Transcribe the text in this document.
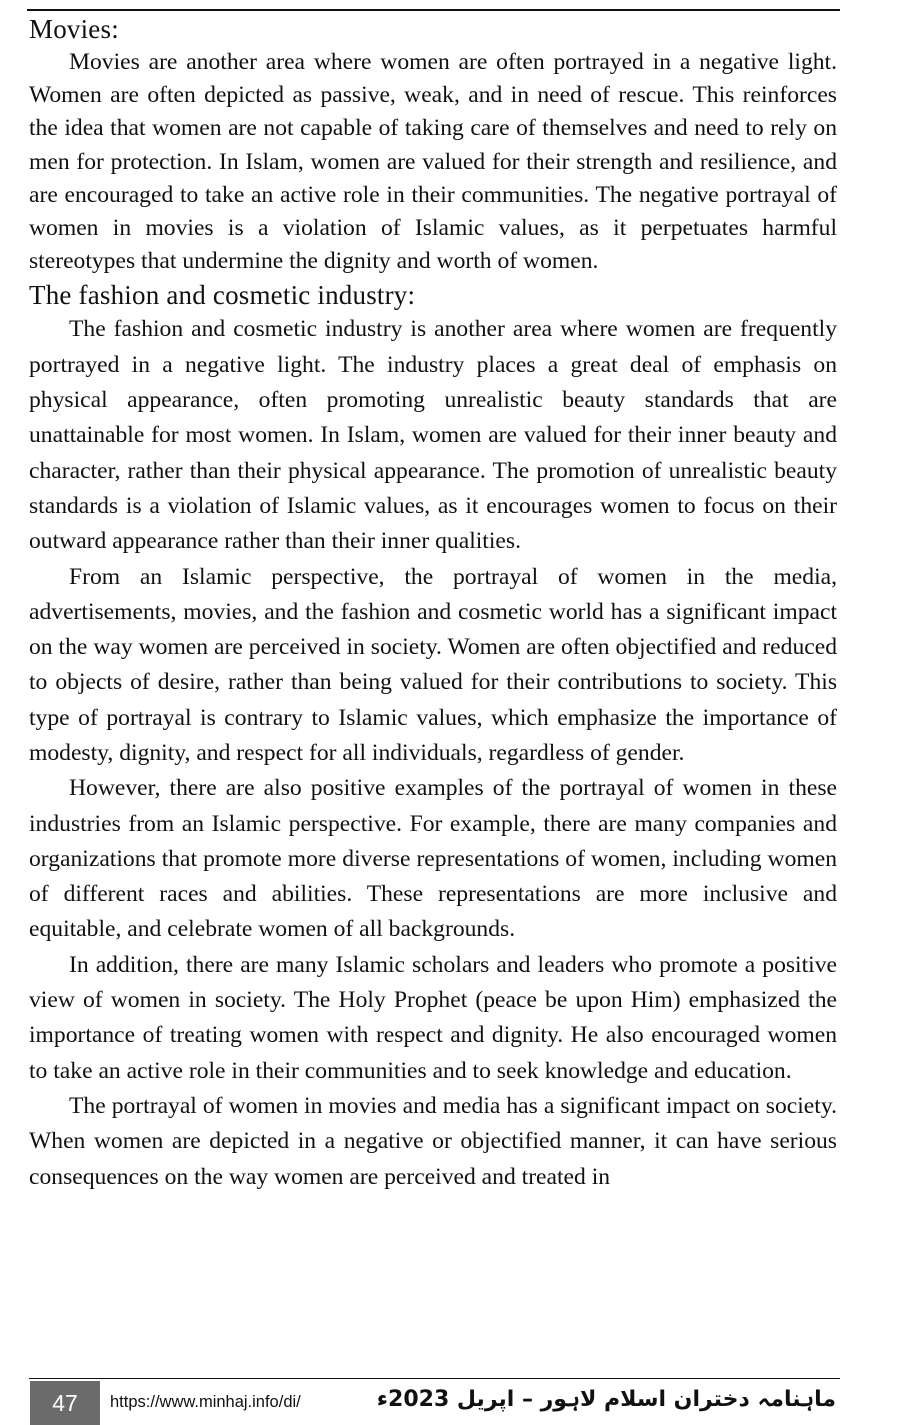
Movies:

Movies are another area where women are often portrayed in a negative light. Women are often depicted as passive, weak, and in need of rescue. This reinforces the idea that women are not capable of taking care of themselves and need to rely on men for protection. In Islam, women are valued for their strength and resilience, and are encouraged to take an active role in their communities. The negative portrayal of women in movies is a violation of Islamic values, as it perpetuates harmful stereotypes that undermine the dignity and worth of women.

The fashion and cosmetic industry:

The fashion and cosmetic industry is another area where women are frequently portrayed in a negative light. The industry places a great deal of emphasis on physical appearance, often promoting unrealistic beauty standards that are unattainable for most women. In Islam, women are valued for their inner beauty and character, rather than their physical appearance. The promotion of unrealistic beauty standards is a violation of Islamic values, as it encourages women to focus on their outward appearance rather than their inner qualities.

From an Islamic perspective, the portrayal of women in the media, advertisements, movies, and the fashion and cosmetic world has a significant impact on the way women are perceived in society. Women are often objectified and reduced to objects of desire, rather than being valued for their contributions to society. This type of portrayal is contrary to Islamic values, which emphasize the importance of modesty, dignity, and respect for all individuals, regardless of gender.

However, there are also positive examples of the portrayal of women in these industries from an Islamic perspective. For example, there are many companies and organizations that promote more diverse representations of women, including women of different races and abilities. These representations are more inclusive and equitable, and celebrate women of all backgrounds.

In addition, there are many Islamic scholars and leaders who promote a positive view of women in society. The Holy Prophet (peace be upon Him) emphasized the importance of treating women with respect and dignity. He also encouraged women to take an active role in their communities and to seek knowledge and education.

The portrayal of women in movies and media has a significant impact on society. When women are depicted in a negative or objectified manner, it can have serious consequences on the way women are perceived and treated in

47	https://www.minhaj.info/di/	ماہنامہ دختران اسلام لاہور – اپریل 2023ء
